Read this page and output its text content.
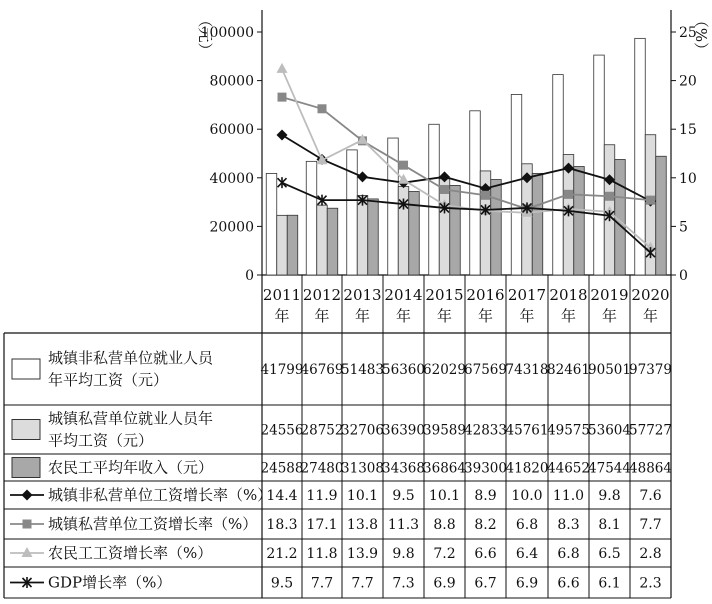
0
20000
40000
60000
80000
100000
0
5
10
15
20
25
（元）	（%）
2011 年
2012 年
2013 年
2014 年
2015 年
2016 年
2017 年
2018 年
2019 年
2020 年
城镇非私营单位就业人员年平均工资（元）
城镇私营单位就业人员年平均工资（元）
农民工平均年收入（元）
城镇非私营单位工资增长率（%）
城镇私营单位工资增长率（%）
农民工工资增长率（%）
GDP增长率（%）
41799
46769
51483
56360
62029
67569
74318
82461
90501
97379
24556
28752
32706
36390
39589
42833
45761
49575
53604
57727
24588
27480
31308
34368
36864
39300
41820
44652
47544
48864
14.4 11.9 10.1 9.5 10.1 8.9 10.0 11.0 9.8 7.6
18.3 17.1 13.8 11.3 8.8 8.2 6.8 8.3 8.1 7.7
21.2 11.8 13.9 9.8 7.2 6.6 6.4 6.8 6.5 2.8
9.5 7.7 7.7 7.3 6.9 6.7 6.9 6.6 6.1 2.3
